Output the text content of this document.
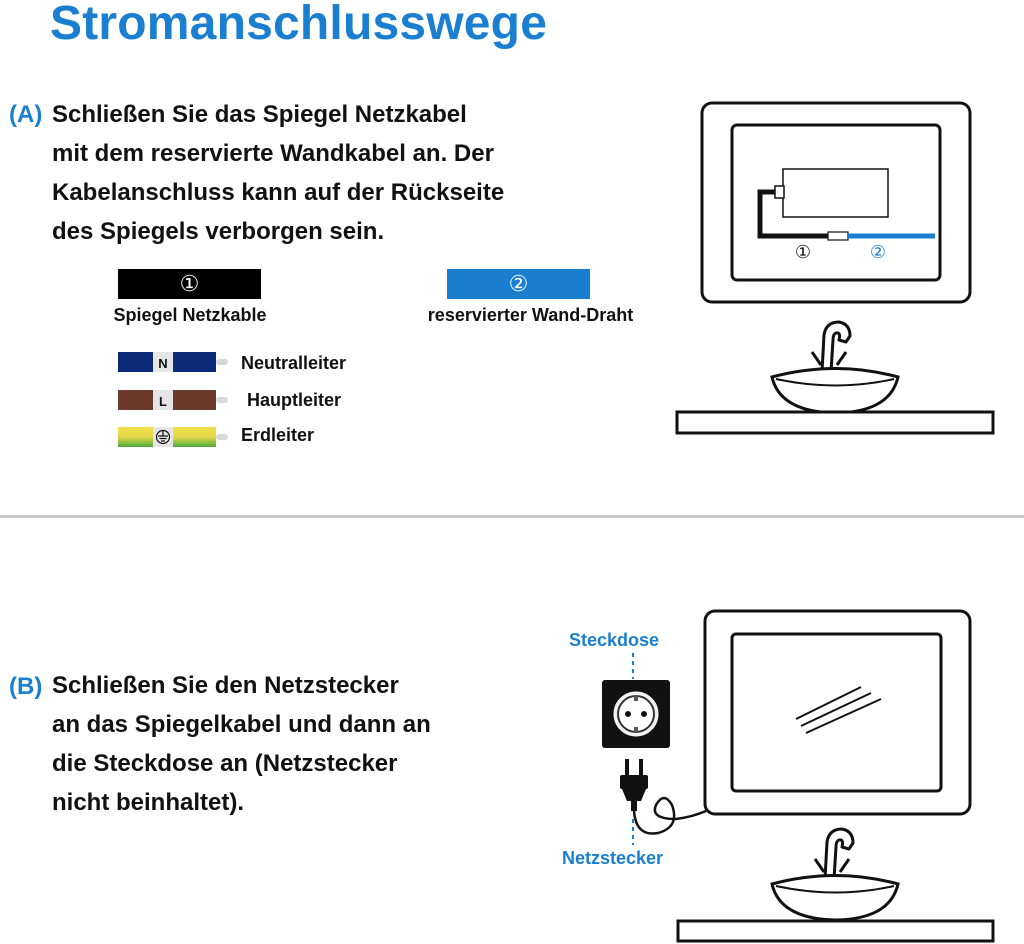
Stromanschlusswege
(A) Schließen Sie das Spiegel Netzkabel
mit dem reservierte Wandkabel an. Der
Kabelanschluss kann auf der Rückseite
des Spiegels verborgen sein.
①
Spiegel Netzkable
②
reservierter Wand-Draht
N
L
Neutralleiter
Hauptleiter
Erdleiter
①	②
(B) Schließen Sie den Netzstecker
an das Spiegelkabel und dann an
die Steckdose an (Netzstecker
nicht beinhaltet).
Steckdose
Netzstecker
